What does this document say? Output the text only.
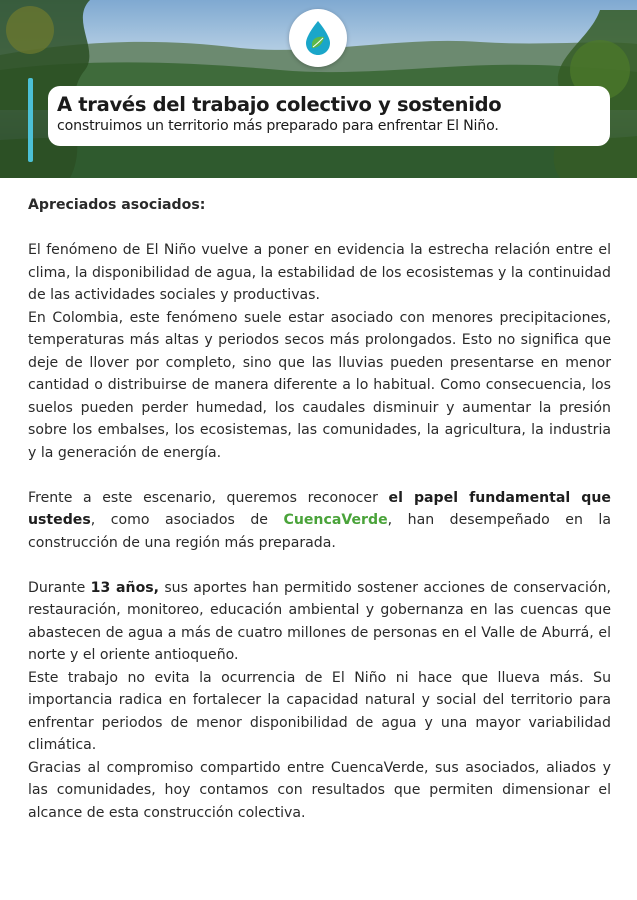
A través del trabajo colectivo y sostenido
construimos un territorio más preparado para enfrentar El Niño.

Apreciados asociados:

El fenómeno de El Niño vuelve a poner en evidencia la estrecha relación entre el clima, la disponibilidad de agua, la estabilidad de los ecosistemas y la continuidad de las actividades sociales y productivas.

En Colombia, este fenómeno suele estar asociado con menores precipitaciones, temperaturas más altas y periodos secos más prolongados. Esto no significa que deje de llover por completo, sino que las lluvias pueden presentarse en menor cantidad o distribuirse de manera diferente a lo habitual. Como consecuencia, los suelos pueden perder humedad, los caudales disminuir y aumentar la presión sobre los embalses, los ecosistemas, las comunidades, la agricultura, la industria y la generación de energía.

Frente a este escenario, queremos reconocer el papel fundamental que ustedes, como asociados de CuencaVerde, han desempeñado en la construcción de una región más preparada.

Durante 13 años, sus aportes han permitido sostener acciones de conservación, restauración, monitoreo, educación ambiental y gobernanza en las cuencas que abastecen de agua a más de cuatro millones de personas en el Valle de Aburrá, el norte y el oriente antioqueño.

Este trabajo no evita la ocurrencia de El Niño ni hace que llueva más. Su importancia radica en fortalecer la capacidad natural y social del territorio para enfrentar periodos de menor disponibilidad de agua y una mayor variabilidad climática.

Gracias al compromiso compartido entre CuencaVerde, sus asociados, aliados y las comunidades, hoy contamos con resultados que permiten dimensionar el alcance de esta construcción colectiva.
